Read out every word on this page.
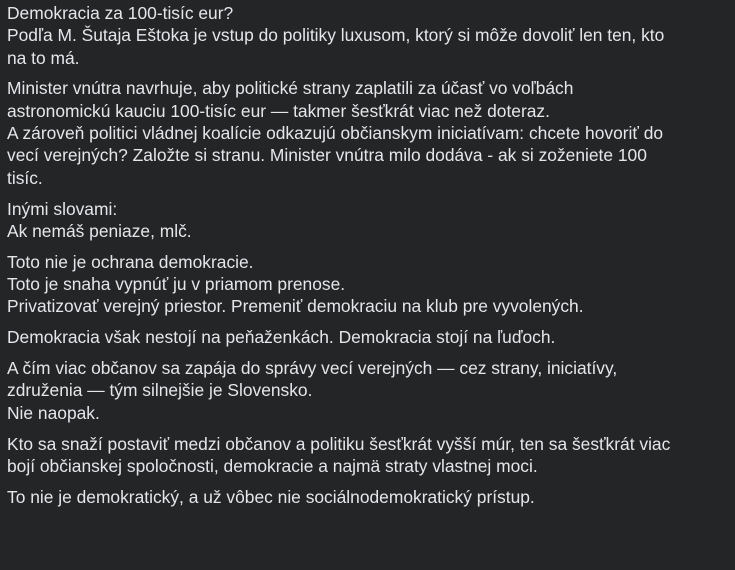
Demokracia za 100-tisíc eur?
Podľa M. Šutaja Eštoka je vstup do politiky luxusom, ktorý si môže dovoliť len ten, kto
na to má.

Minister vnútra navrhuje, aby politické strany zaplatili za účasť vo voľbách
astronomickú kauciu 100-tisíc eur — takmer šesťkrát viac než doteraz.
A zároveň politici vládnej koalície odkazujú občianskym iniciatívam: chcete hovoriť do
vecí verejných? Založte si stranu. Minister vnútra milo dodáva - ak si zoženiete 100
tisíc.

Inými slovami:
Ak nemáš peniaze, mlč.

Toto nie je ochrana demokracie.
Toto je snaha vypnúť ju v priamom prenose.
Privatizovať verejný priestor. Premeniť demokraciu na klub pre vyvolených.

Demokracia však nestojí na peňaženkách. Demokracia stojí na ľuďoch.

A čím viac občanov sa zapája do správy vecí verejných — cez strany, iniciatívy,
združenia — tým silnejšie je Slovensko.
Nie naopak.

Kto sa snaží postaviť medzi občanov a politiku šesťkrát vyšší múr, ten sa šesťkrát viac
bojí občianskej spoločnosti, demokracie a najmä straty vlastnej moci.

To nie je demokratický, a už vôbec nie sociálnodemokratický prístup.
